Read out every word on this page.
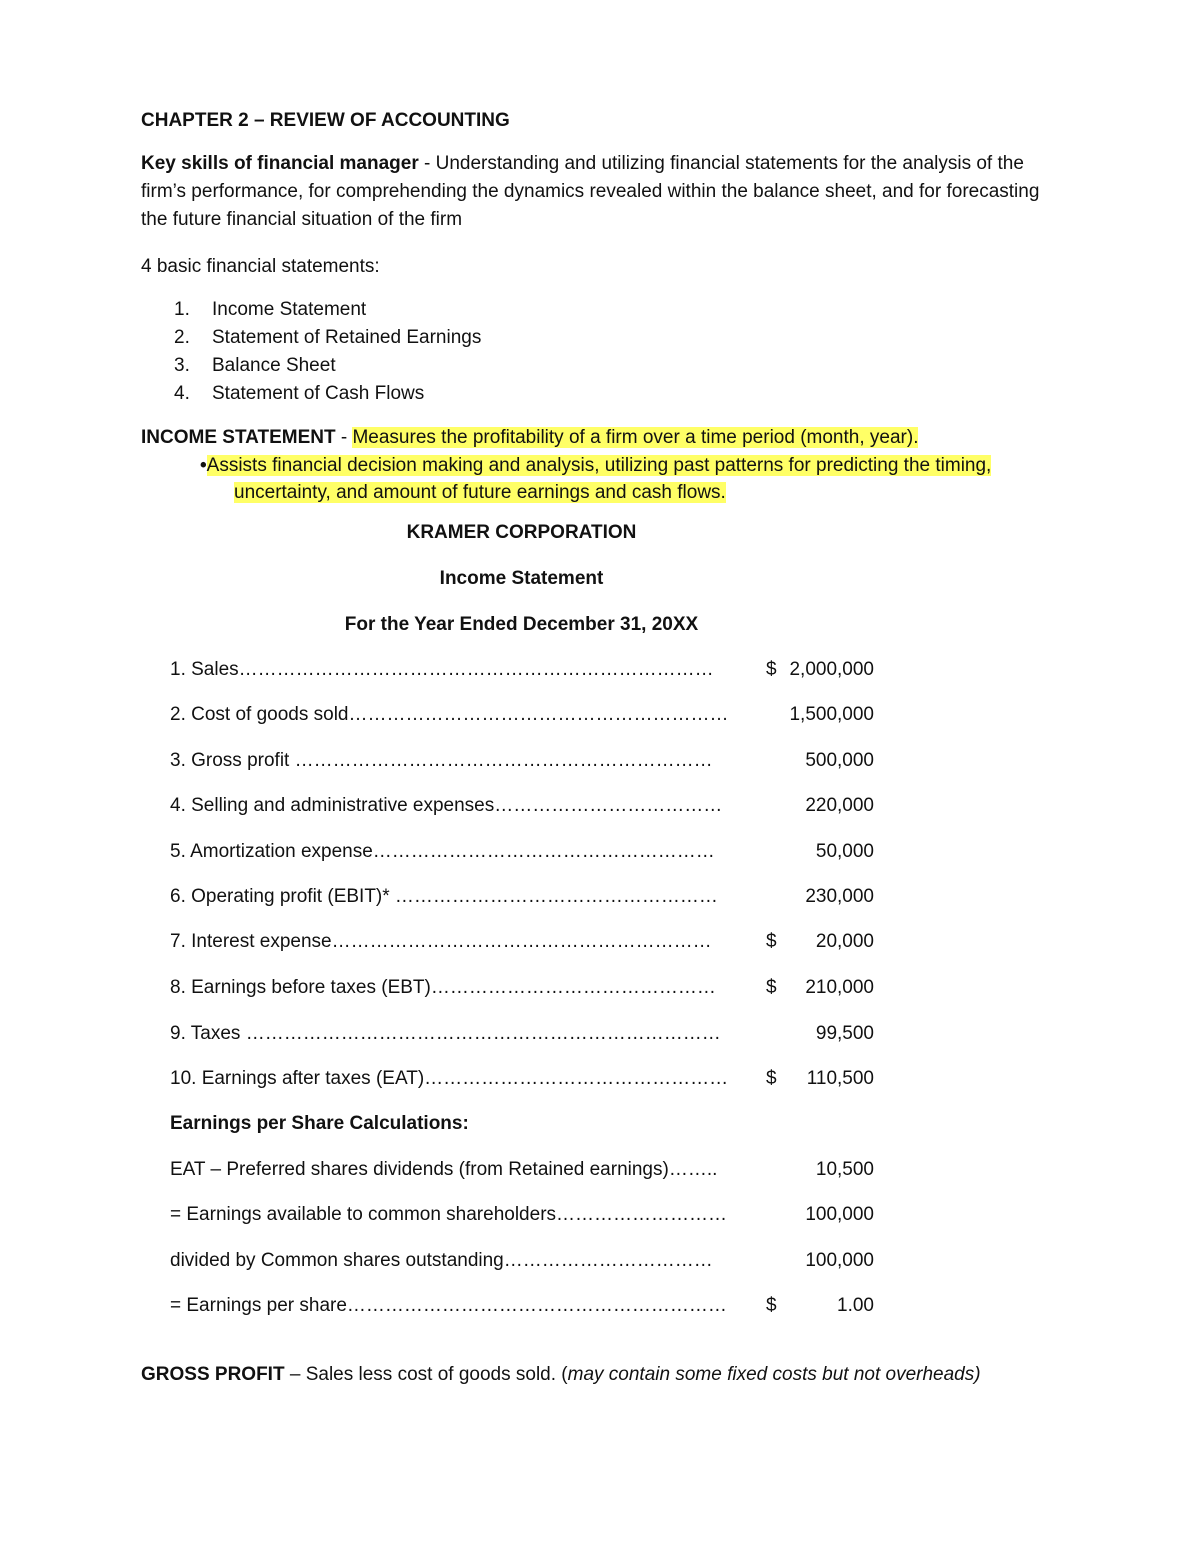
CHAPTER 2 – REVIEW OF ACCOUNTING
Key skills of financial manager - Understanding and utilizing financial statements for the analysis of the firm’s performance, for comprehending the dynamics revealed within the balance sheet, and for forecasting the future financial situation of the firm
4 basic financial statements:
1. Income Statement
2. Statement of Retained Earnings
3. Balance Sheet
4. Statement of Cash Flows
INCOME STATEMENT - Measures the profitability of a firm over a time period (month, year).
•Assists financial decision making and analysis, utilizing past patterns for predicting the timing,
uncertainty, and amount of future earnings and cash flows.
KRAMER CORPORATION
Income Statement
For the Year Ended December 31, 20XX
1. Sales…………………………………………………………………	$ 2,000,000
2. Cost of goods sold……………………………………………………	1,500,000
3. Gross profit …………………………………………………………	500,000
4. Selling and administrative expenses………………………………	220,000
5. Amortization expense………………………………………………	50,000
6. Operating profit (EBIT)* ……………………………………………	230,000
7. Interest expense……………………………………………………	$ 20,000
8. Earnings before taxes (EBT)………………………………………	$ 210,000
9. Taxes …………………………………………………………………	99,500
10. Earnings after taxes (EAT)………………………………………… $ 110,500
Earnings per Share Calculations:
EAT – Preferred shares dividends (from Retained earnings)……..	10,500
= Earnings available to common shareholders………………………	100,000
divided by Common shares outstanding……………………………	100,000
= Earnings per share…………………………………………………… $	1.00
GROSS PROFIT – Sales less cost of goods sold. (may contain some fixed costs but not overheads)
